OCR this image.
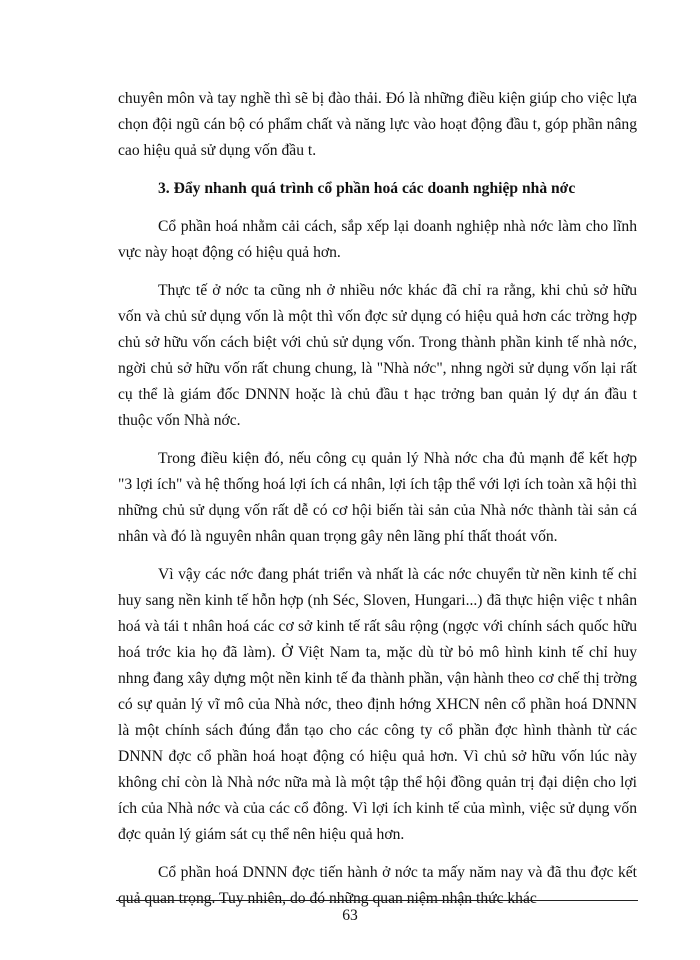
chuyên môn và tay nghề thì sẽ bị đào thải. Đó là những điều kiện giúp cho việc lựa chọn đội ngũ cán bộ có phẩm chất và năng lực vào hoạt động đầu t, góp phần nâng cao hiệu quả sử dụng vốn đầu t.

3. Đẩy nhanh quá trình cổ phần hoá các doanh nghiệp nhà nớc

Cổ phần hoá nhằm cải cách, sắp xếp lại doanh nghiệp nhà nớc làm cho lĩnh vực này hoạt động có hiệu quả hơn.

Thực tế ở nớc ta cũng nh ở nhiều nớc khác đã chỉ ra rằng, khi chủ sở hữu vốn và chủ sử dụng vốn là một thì vốn đợc sử dụng có hiệu quả hơn các trờng hợp chủ sở hữu vốn cách biệt với chủ sử dụng vốn. Trong thành phần kinh tế nhà nớc, ngời chủ sở hữu vốn rất chung chung, là "Nhà nớc", nhng ngời sử dụng vốn lại rất cụ thể là giám đốc DNNN hoặc là chủ đầu t hạc trởng ban quản lý dự án đầu t thuộc vốn Nhà nớc.

Trong điều kiện đó, nếu công cụ quản lý Nhà nớc cha đủ mạnh để kết hợp "3 lợi ích" và hệ thống hoá lợi ích cá nhân, lợi ích tập thể với lợi ích toàn xã hội thì những chủ sử dụng vốn rất dễ có cơ hội biến tài sản của Nhà nớc thành tài sản cá nhân và đó là nguyên nhân quan trọng gây nên lãng phí thất thoát vốn.

Vì vậy các nớc đang phát triển và nhất là các nớc chuyển từ nền kinh tế chỉ huy sang nền kinh tế hỗn hợp (nh Séc, Sloven, Hungari...) đã thực hiện việc t nhân hoá và tái t nhân hoá các cơ sở kinh tế rất sâu rộng (ngợc với chính sách quốc hữu hoá trớc kia họ đã làm). Ở Việt Nam ta, mặc dù từ bỏ mô hình kinh tế chỉ huy nhng đang xây dựng một nền kinh tế đa thành phần, vận hành theo cơ chế thị trờng có sự quản lý vĩ mô của Nhà nớc, theo định hớng XHCN nên cổ phần hoá DNNN là một chính sách đúng đắn tạo cho các công ty cổ phần đợc hình thành từ các DNNN đợc cổ phần hoá hoạt động có hiệu quả hơn. Vì chủ sở hữu vốn lúc này không chỉ còn là Nhà nớc nữa mà là một tập thể hội đồng quản trị đại diện cho lợi ích của Nhà nớc và của các cổ đông. Vì lợi ích kinh tế của mình, việc sử dụng vốn đợc quản lý giám sát cụ thể nên hiệu quả hơn.

Cổ phần hoá DNNN đợc tiến hành ở nớc ta mấy năm nay và đã thu đợc kết quả quan trọng. Tuy nhiên, do đó những quan niệm nhận thức khác

63
